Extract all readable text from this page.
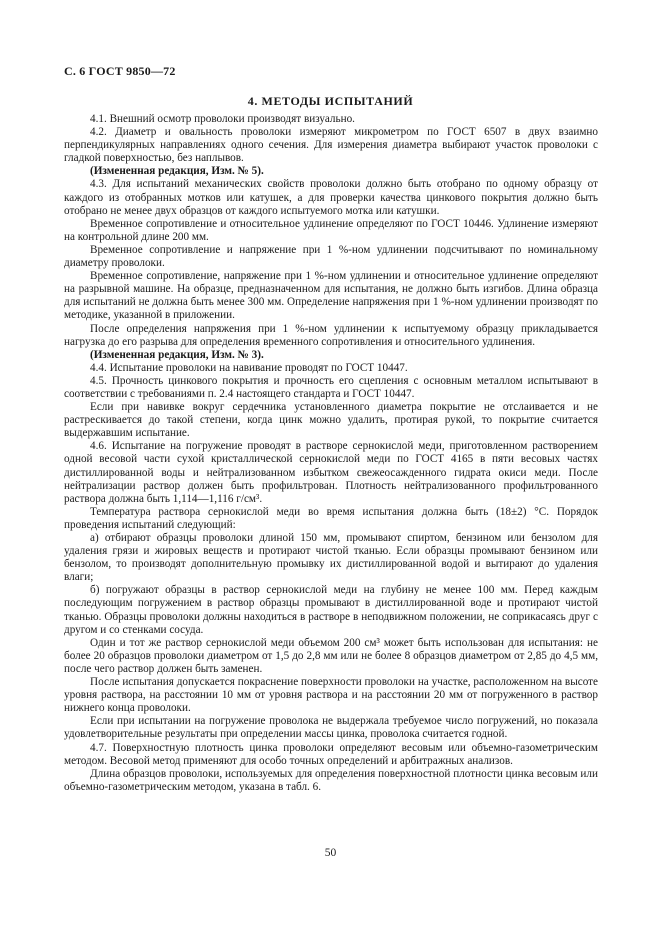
С. 6 ГОСТ 9850—72
4. МЕТОДЫ ИСПЫТАНИЙ

4.1. Внешний осмотр проволоки производят визуально.

4.2. Диаметр и овальность проволоки измеряют микрометром по ГОСТ 6507 в двух взаимно перпендикулярных направлениях одного сечения. Для измерения диаметра выбирают участок проволоки с гладкой поверхностью, без наплывов.

(Измененная редакция, Изм. № 5).

4.3. Для испытаний механических свойств проволоки должно быть отобрано по одному образцу от каждого из отобранных мотков или катушек, а для проверки качества цинкового покрытия должно быть отобрано не менее двух образцов от каждого испытуемого мотка или катушки.

Временное сопротивление и относительное удлинение определяют по ГОСТ 10446. Удлинение измеряют на контрольной длине 200 мм.

Временное сопротивление и напряжение при 1 %-ном удлинении подсчитывают по номинальному диаметру проволоки.

Временное сопротивление, напряжение при 1 %-ном удлинении и относительное удлинение определяют на разрывной машине. На образце, предназначенном для испытания, не должно быть изгибов. Длина образца для испытаний не должна быть менее 300 мм. Определение напряжения при 1 %-ном удлинении производят по методике, указанной в приложении.

После определения напряжения при 1 %-ном удлинении к испытуемому образцу прикладывается нагрузка до его разрыва для определения временного сопротивления и относительного удлинения.

(Измененная редакция, Изм. № 3).

4.4. Испытание проволоки на навивание проводят по ГОСТ 10447.

4.5. Прочность цинкового покрытия и прочность его сцепления с основным металлом испытывают в соответствии с требованиями п. 2.4 настоящего стандарта и ГОСТ 10447.

Если при навивке вокруг сердечника установленного диаметра покрытие не отслаивается и не растрескивается до такой степени, когда цинк можно удалить, протирая рукой, то покрытие считается выдержавшим испытание.

4.6. Испытание на погружение проводят в растворе сернокислой меди, приготовленном растворением одной весовой части сухой кристаллической сернокислой меди по ГОСТ 4165 в пяти весовых частях дистиллированной воды и нейтрализованном избытком свежеосажденного гидрата окиси меди. После нейтрализации раствор должен быть профильтрован. Плотность нейтрализованного профильтрованного раствора должна быть 1,114—1,116 г/см³.

Температура раствора сернокислой меди во время испытания должна быть (18±2) °С. Порядок проведения испытаний следующий:

а) отбирают образцы проволоки длиной 150 мм, промывают спиртом, бензином или бензолом для удаления грязи и жировых веществ и протирают чистой тканью. Если образцы промывают бензином или бензолом, то производят дополнительную промывку их дистиллированной водой и вытирают до удаления влаги;

б) погружают образцы в раствор сернокислой меди на глубину не менее 100 мм. Перед каждым последующим погружением в раствор образцы промывают в дистиллированной воде и протирают чистой тканью. Образцы проволоки должны находиться в растворе в неподвижном положении, не соприкасаясь друг с другом и со стенками сосуда.

Один и тот же раствор сернокислой меди объемом 200 см³ может быть использован для испытания: не более 20 образцов проволоки диаметром от 1,5 до 2,8 мм или не более 8 образцов диаметром от 2,85 до 4,5 мм, после чего раствор должен быть заменен.

После испытания допускается покраснение поверхности проволоки на участке, расположенном на высоте уровня раствора, на расстоянии 10 мм от уровня раствора и на расстоянии 20 мм от погруженного в раствор нижнего конца проволоки.

Если при испытании на погружение проволока не выдержала требуемое число погружений, но показала удовлетворительные результаты при определении массы цинка, проволока считается годной.

4.7. Поверхностную плотность цинка проволоки определяют весовым или объемно-газометрическим методом. Весовой метод применяют для особо точных определений и арбитражных анализов.

Длина образцов проволоки, используемых для определения поверхностной плотности цинка весовым или объемно-газометрическим методом, указана в табл. 6.

50
